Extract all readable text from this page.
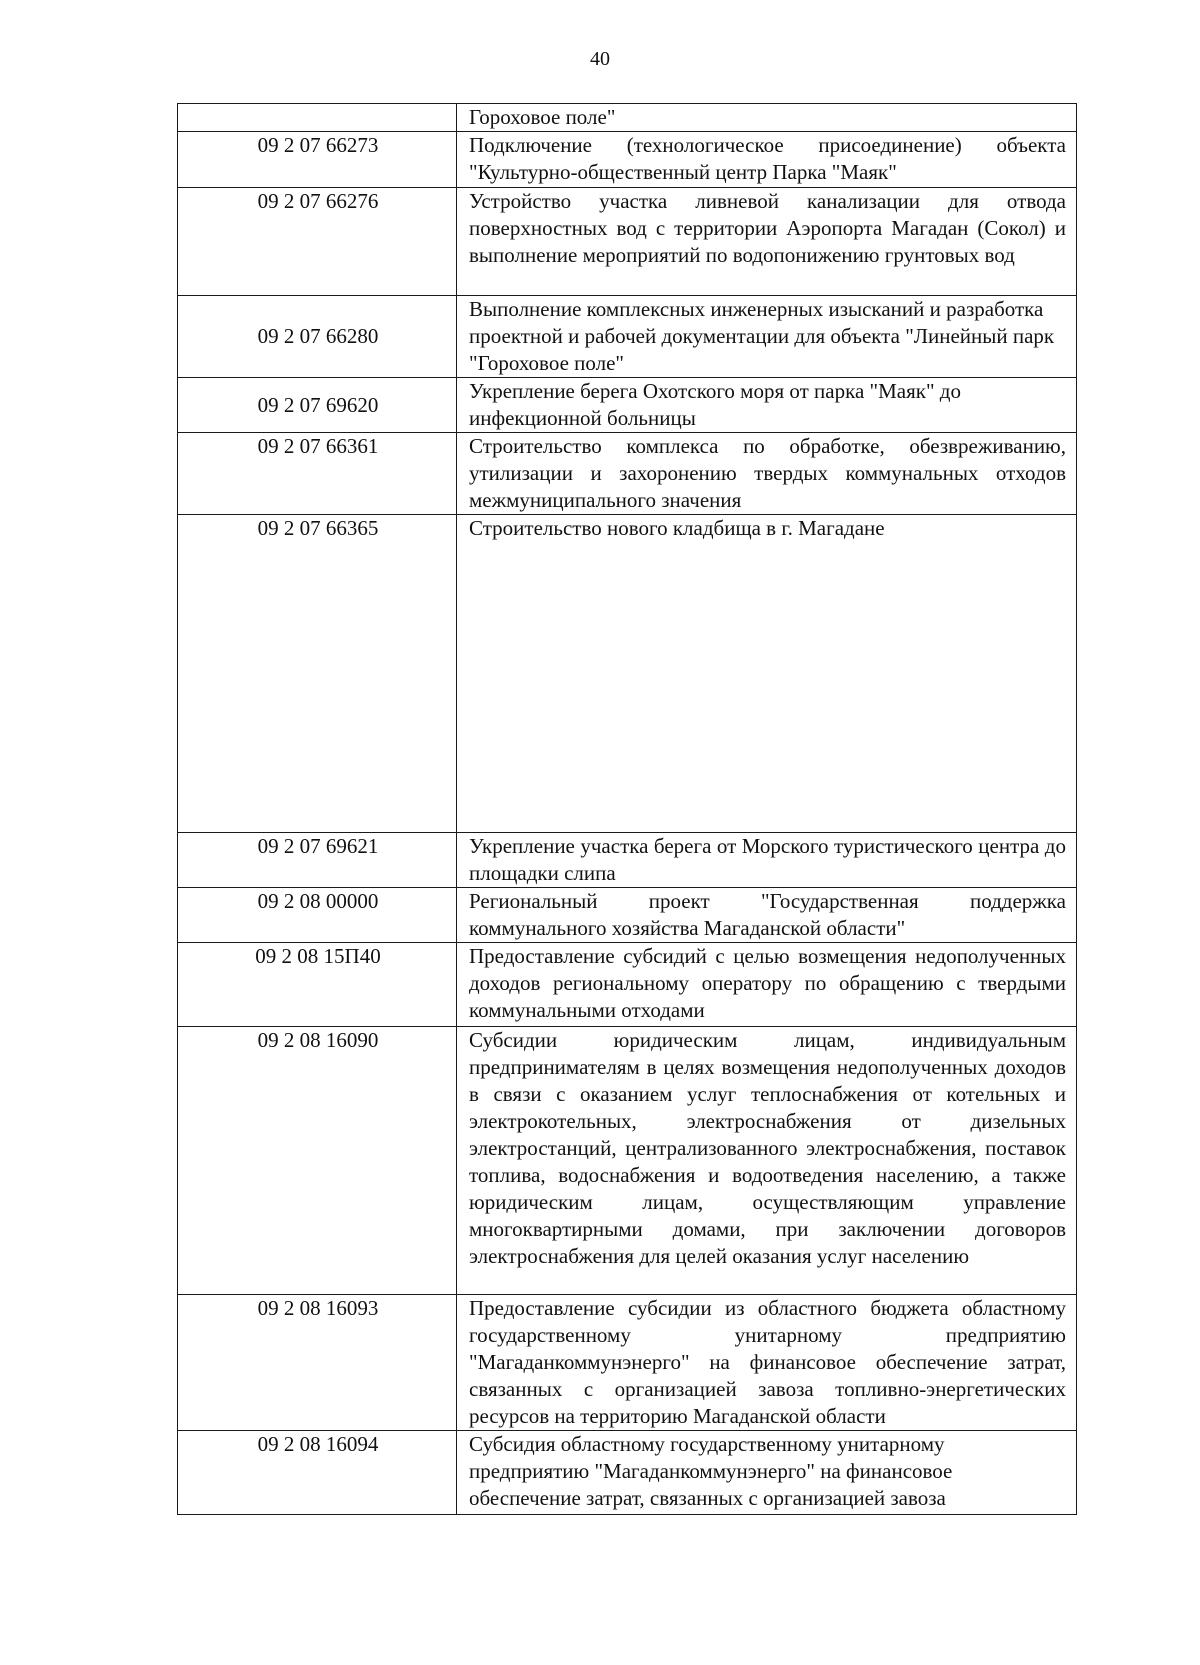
40
	Гороховое поле"
09 2 07 66273	Подключение (технологическое присоединение) объекта "Культурно-общественный центр Парка "Маяк"
09 2 07 66276	Устройство участка ливневой канализации для отвода поверхностных вод с территории Аэропорта Магадан (Сокол) и выполнение мероприятий по водопонижению грунтовых вод
09 2 07 66280	Выполнение комплексных инженерных изысканий и разработка проектной и рабочей документации для объекта "Линейный парк "Гороховое поле"
09 2 07 69620	Укрепление берега Охотского моря от парка "Маяк" до инфекционной больницы
09 2 07 66361	Строительство комплекса по обработке, обезвреживанию, утилизации и захоронению твердых коммунальных отходов межмуниципального значения
09 2 07 66365	Строительство нового кладбища в г. Магадане
09 2 07 69621	Укрепление участка берега от Морского туристического центра до площадки слипа
09 2 08 00000	Региональный проект "Государственная поддержка коммунального хозяйства Магаданской области"
09 2 08 15П40	Предоставление субсидий с целью возмещения недополученных доходов региональному оператору по обращению с твердыми коммунальными отходами
09 2 08 16090	Субсидии юридическим лицам, индивидуальным предпринимателям в целях возмещения недополученных доходов в связи с оказанием услуг теплоснабжения от котельных и электрокотельных, электроснабжения от дизельных электростанций, централизованного электроснабжения, поставок топлива, водоснабжения и водоотведения населению, а также юридическим лицам, осуществляющим управление многоквартирными домами, при заключении договоров электроснабжения для целей оказания услуг населению
09 2 08 16093	Предоставление субсидии из областного бюджета областному государственному унитарному предприятию "Магаданкоммунэнерго" на финансовое обеспечение затрат, связанных с организацией завоза топливно-энергетических ресурсов на территорию Магаданской области
09 2 08 16094	Субсидия областному государственному унитарному предприятию "Магаданкоммунэнерго" на финансовое обеспечение затрат, связанных с организацией завоза
